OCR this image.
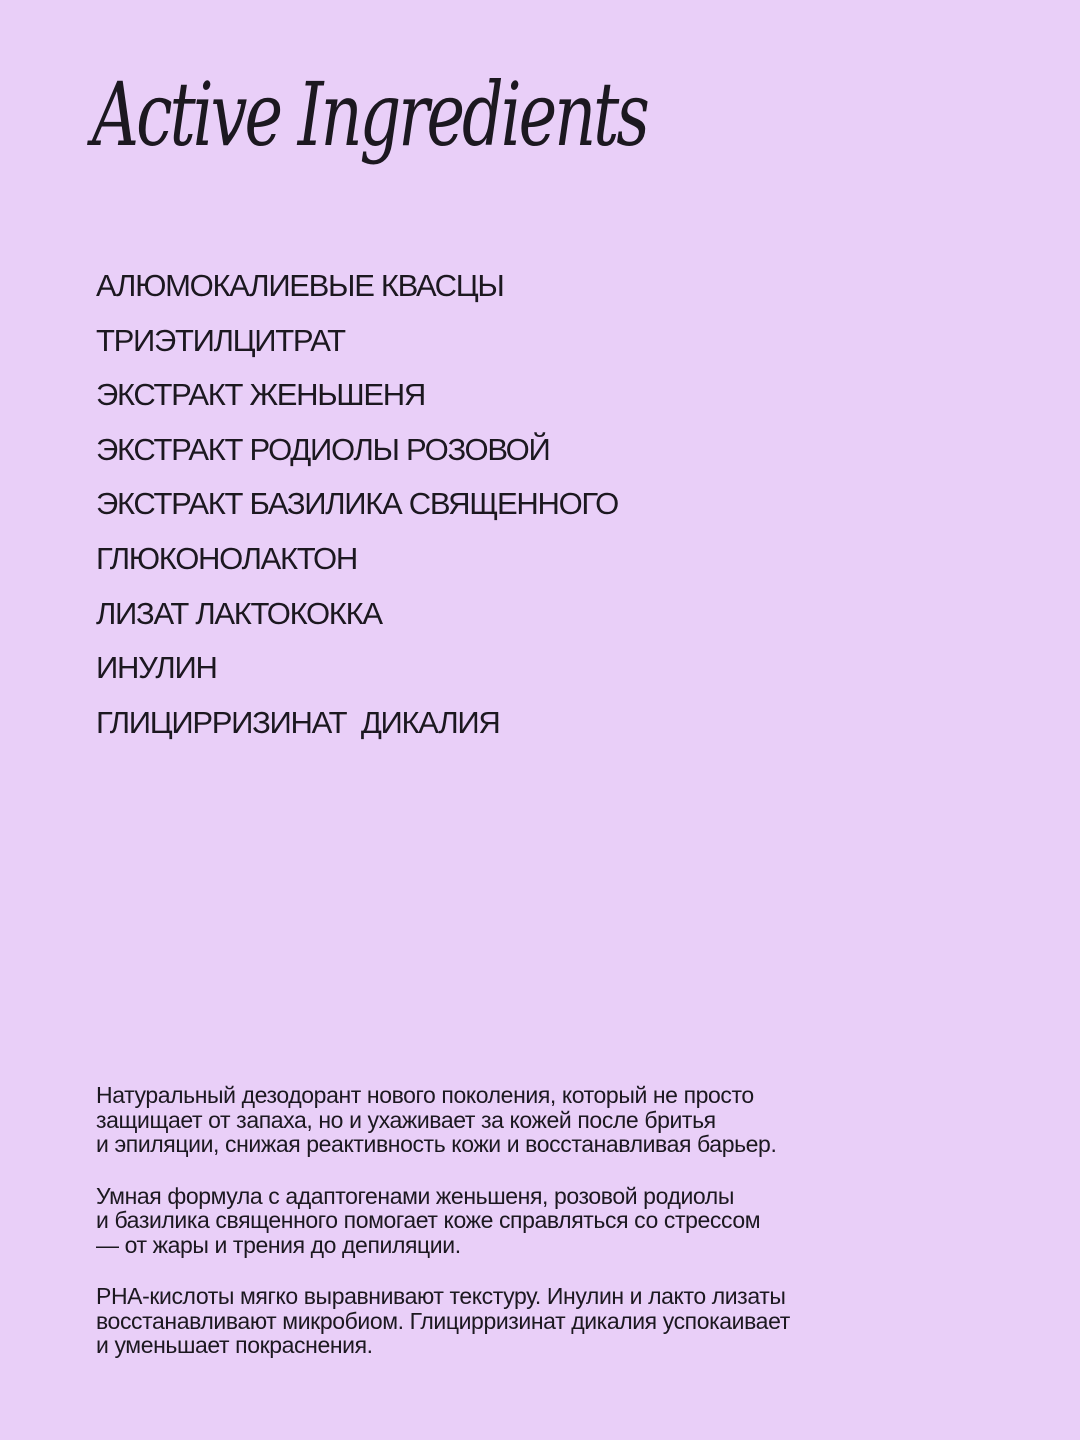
Active Ingredients
АЛЮМОКАЛИЕВЫЕ КВАСЦЫ
ТРИЭТИЛЦИТРАТ
ЭКСТРАКТ ЖЕНЬШЕНЯ
ЭКСТРАКТ РОДИОЛЫ РОЗОВОЙ
ЭКСТРАКТ БАЗИЛИКА СВЯЩЕННОГО
ГЛЮКОНОЛАКТОН
ЛИЗАТ ЛАКТОКОККА
ИНУЛИН
ГЛИЦИРРИЗИНАТ  ДИКАЛИЯ

Натуральный дезодорант нового поколения, который не просто
защищает от запаха, но и ухаживает за кожей после бритья
и эпиляции, снижая реактивность кожи и восстанавливая барьер.

Умная формула с адаптогенами женьшеня, розовой родиолы
и базилика священного помогает коже справляться со стрессом
— от жары и трения до депиляции.

PHA-кислоты мягко выравнивают текстуру. Инулин и лакто лизаты
восстанавливают микробиом. Глицирризинат дикалия успокаивает
и уменьшает покраснения.
